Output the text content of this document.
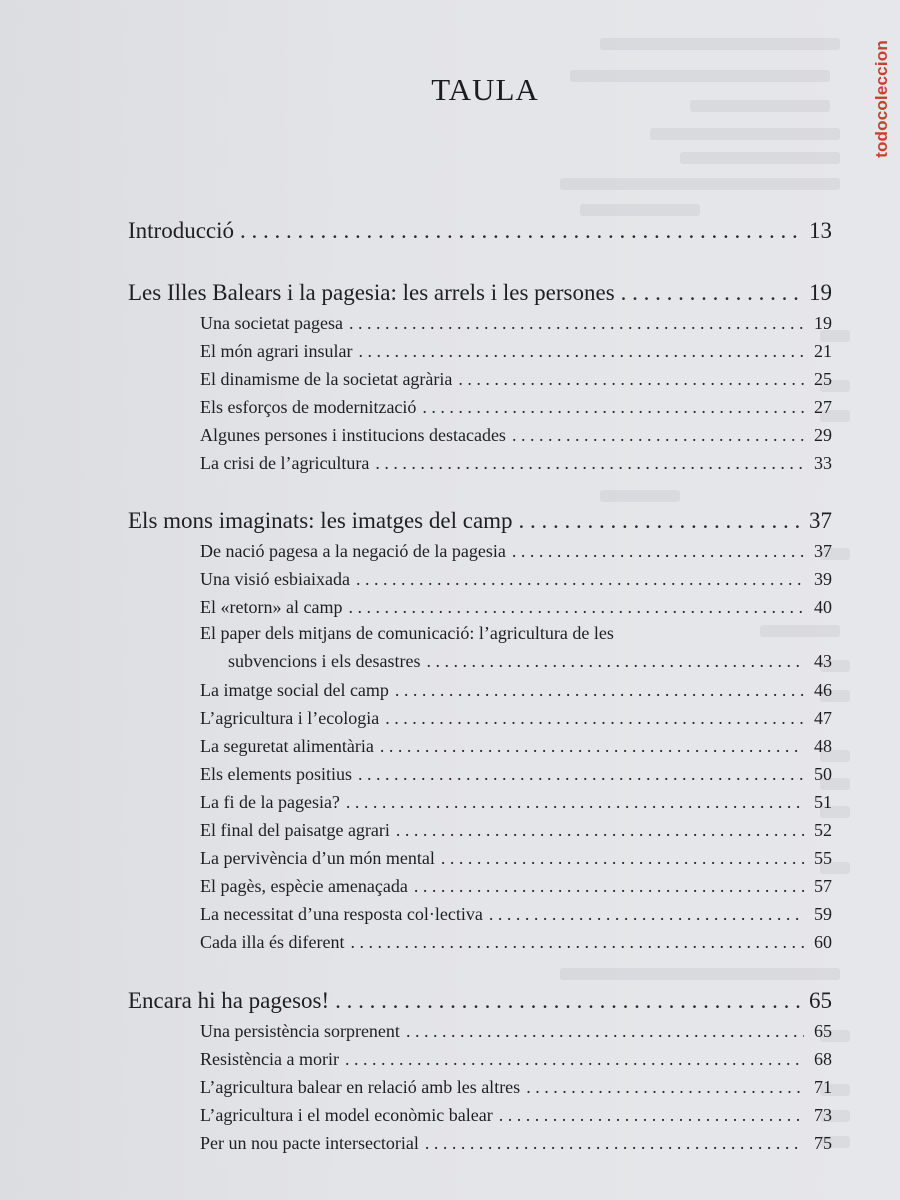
todocoleccion
TAULA
Introducció . . .	13
Les Illes Balears i la pagesia: les arrels i les persones . . .	19
Una societat pagesa . . .	19
El món agrari insular . . .	21
El dinamisme de la societat agrària . . .	25
Els esforços de modernització . . .	27
Algunes persones i institucions destacades . . .	29
La crisi de l’agricultura . . .	33
Els mons imaginats: les imatges del camp . . .	37
De nació pagesa a la negació de la pagesia . . .	37
Una visió esbiaixada . . .	39
El «retorn» al camp . . .	40
El paper dels mitjans de comunicació: l’agricultura de les
subvencions i els desastres . . .	43
La imatge social del camp . . .	46
L’agricultura i l’ecologia . . .	47
La seguretat alimentària . . .	48
Els elements positius . . .	50
La fi de la pagesia? . . .	51
El final del paisatge agrari . . .	52
La pervivència d’un món mental . . .	55
El pagès, espècie amenaçada . . .	57
La necessitat d’una resposta col·lectiva . . .	59
Cada illa és diferent . . .	60
Encara hi ha pagesos! . . .	65
Una persistència sorprenent . . .	65
Resistència a morir . . .	68
L’agricultura balear en relació amb les altres . . .	71
L’agricultura i el model econòmic balear . . .	73
Per un nou pacte intersectorial . . .	75
